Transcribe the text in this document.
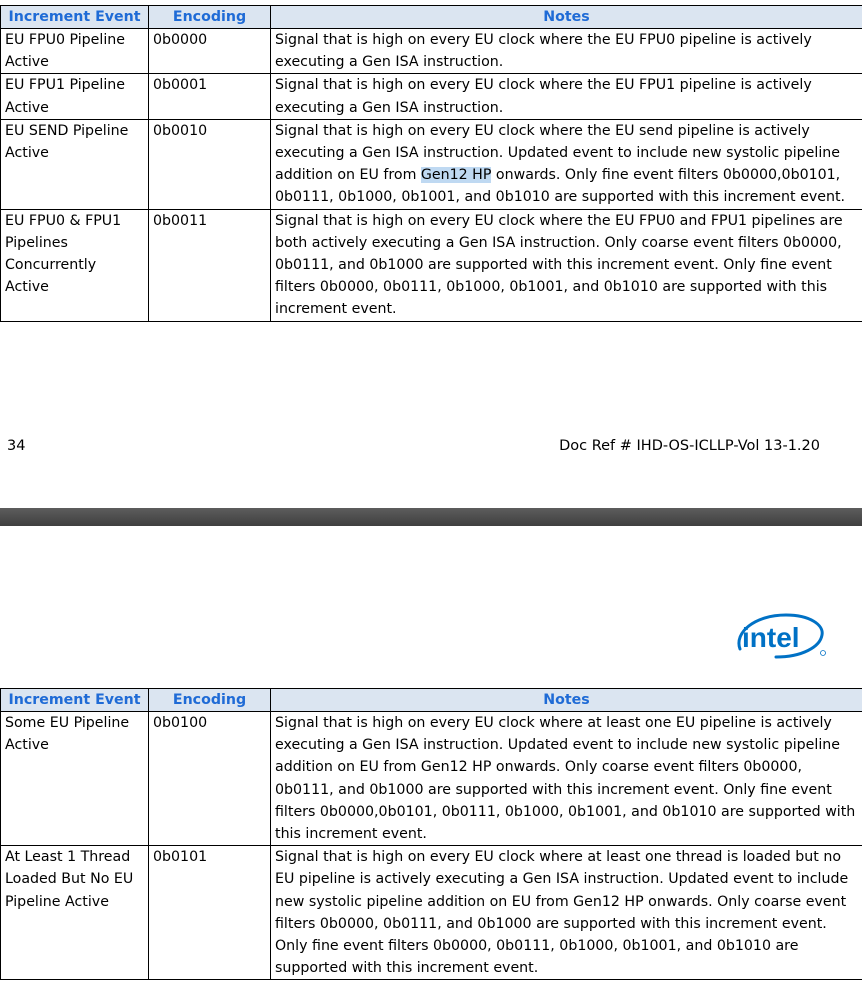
Increment Event	Encoding	Notes
EU FPU0 Pipeline Active	0b0000	Signal that is high on every EU clock where the EU FPU0 pipeline is actively executing a Gen ISA instruction.
EU FPU1 Pipeline Active	0b0001	Signal that is high on every EU clock where the EU FPU1 pipeline is actively executing a Gen ISA instruction.
EU SEND Pipeline Active	0b0010	Signal that is high on every EU clock where the EU send pipeline is actively executing a Gen ISA instruction. Updated event to include new systolic pipeline addition on EU from Gen12 HP onwards. Only fine event filters 0b0000,0b0101, 0b0111, 0b1000, 0b1001, and 0b1010 are supported with this increment event.
EU FPU0 & FPU1 Pipelines Concurrently Active	0b0011	Signal that is high on every EU clock where the EU FPU0 and FPU1 pipelines are both actively executing a Gen ISA instruction. Only coarse event filters 0b0000, 0b0111, and 0b1000 are supported with this increment event. Only fine event filters 0b0000, 0b0111, 0b1000, 0b1001, and 0b1010 are supported with this increment event.
34	Doc Ref # IHD-OS-ICLLP-Vol 13-1.20
intel
Increment Event	Encoding	Notes
Some EU Pipeline Active	0b0100	Signal that is high on every EU clock where at least one EU pipeline is actively executing a Gen ISA instruction. Updated event to include new systolic pipeline addition on EU from Gen12 HP onwards. Only coarse event filters 0b0000, 0b0111, and 0b1000 are supported with this increment event. Only fine event filters 0b0000,0b0101, 0b0111, 0b1000, 0b1001, and 0b1010 are supported with this increment event.
At Least 1 Thread Loaded But No EU Pipeline Active	0b0101	Signal that is high on every EU clock where at least one thread is loaded but no EU pipeline is actively executing a Gen ISA instruction. Updated event to include new systolic pipeline addition on EU from Gen12 HP onwards. Only coarse event filters 0b0000, 0b0111, and 0b1000 are supported with this increment event. Only fine event filters 0b0000, 0b0111, 0b1000, 0b1001, and 0b1010 are supported with this increment event.
